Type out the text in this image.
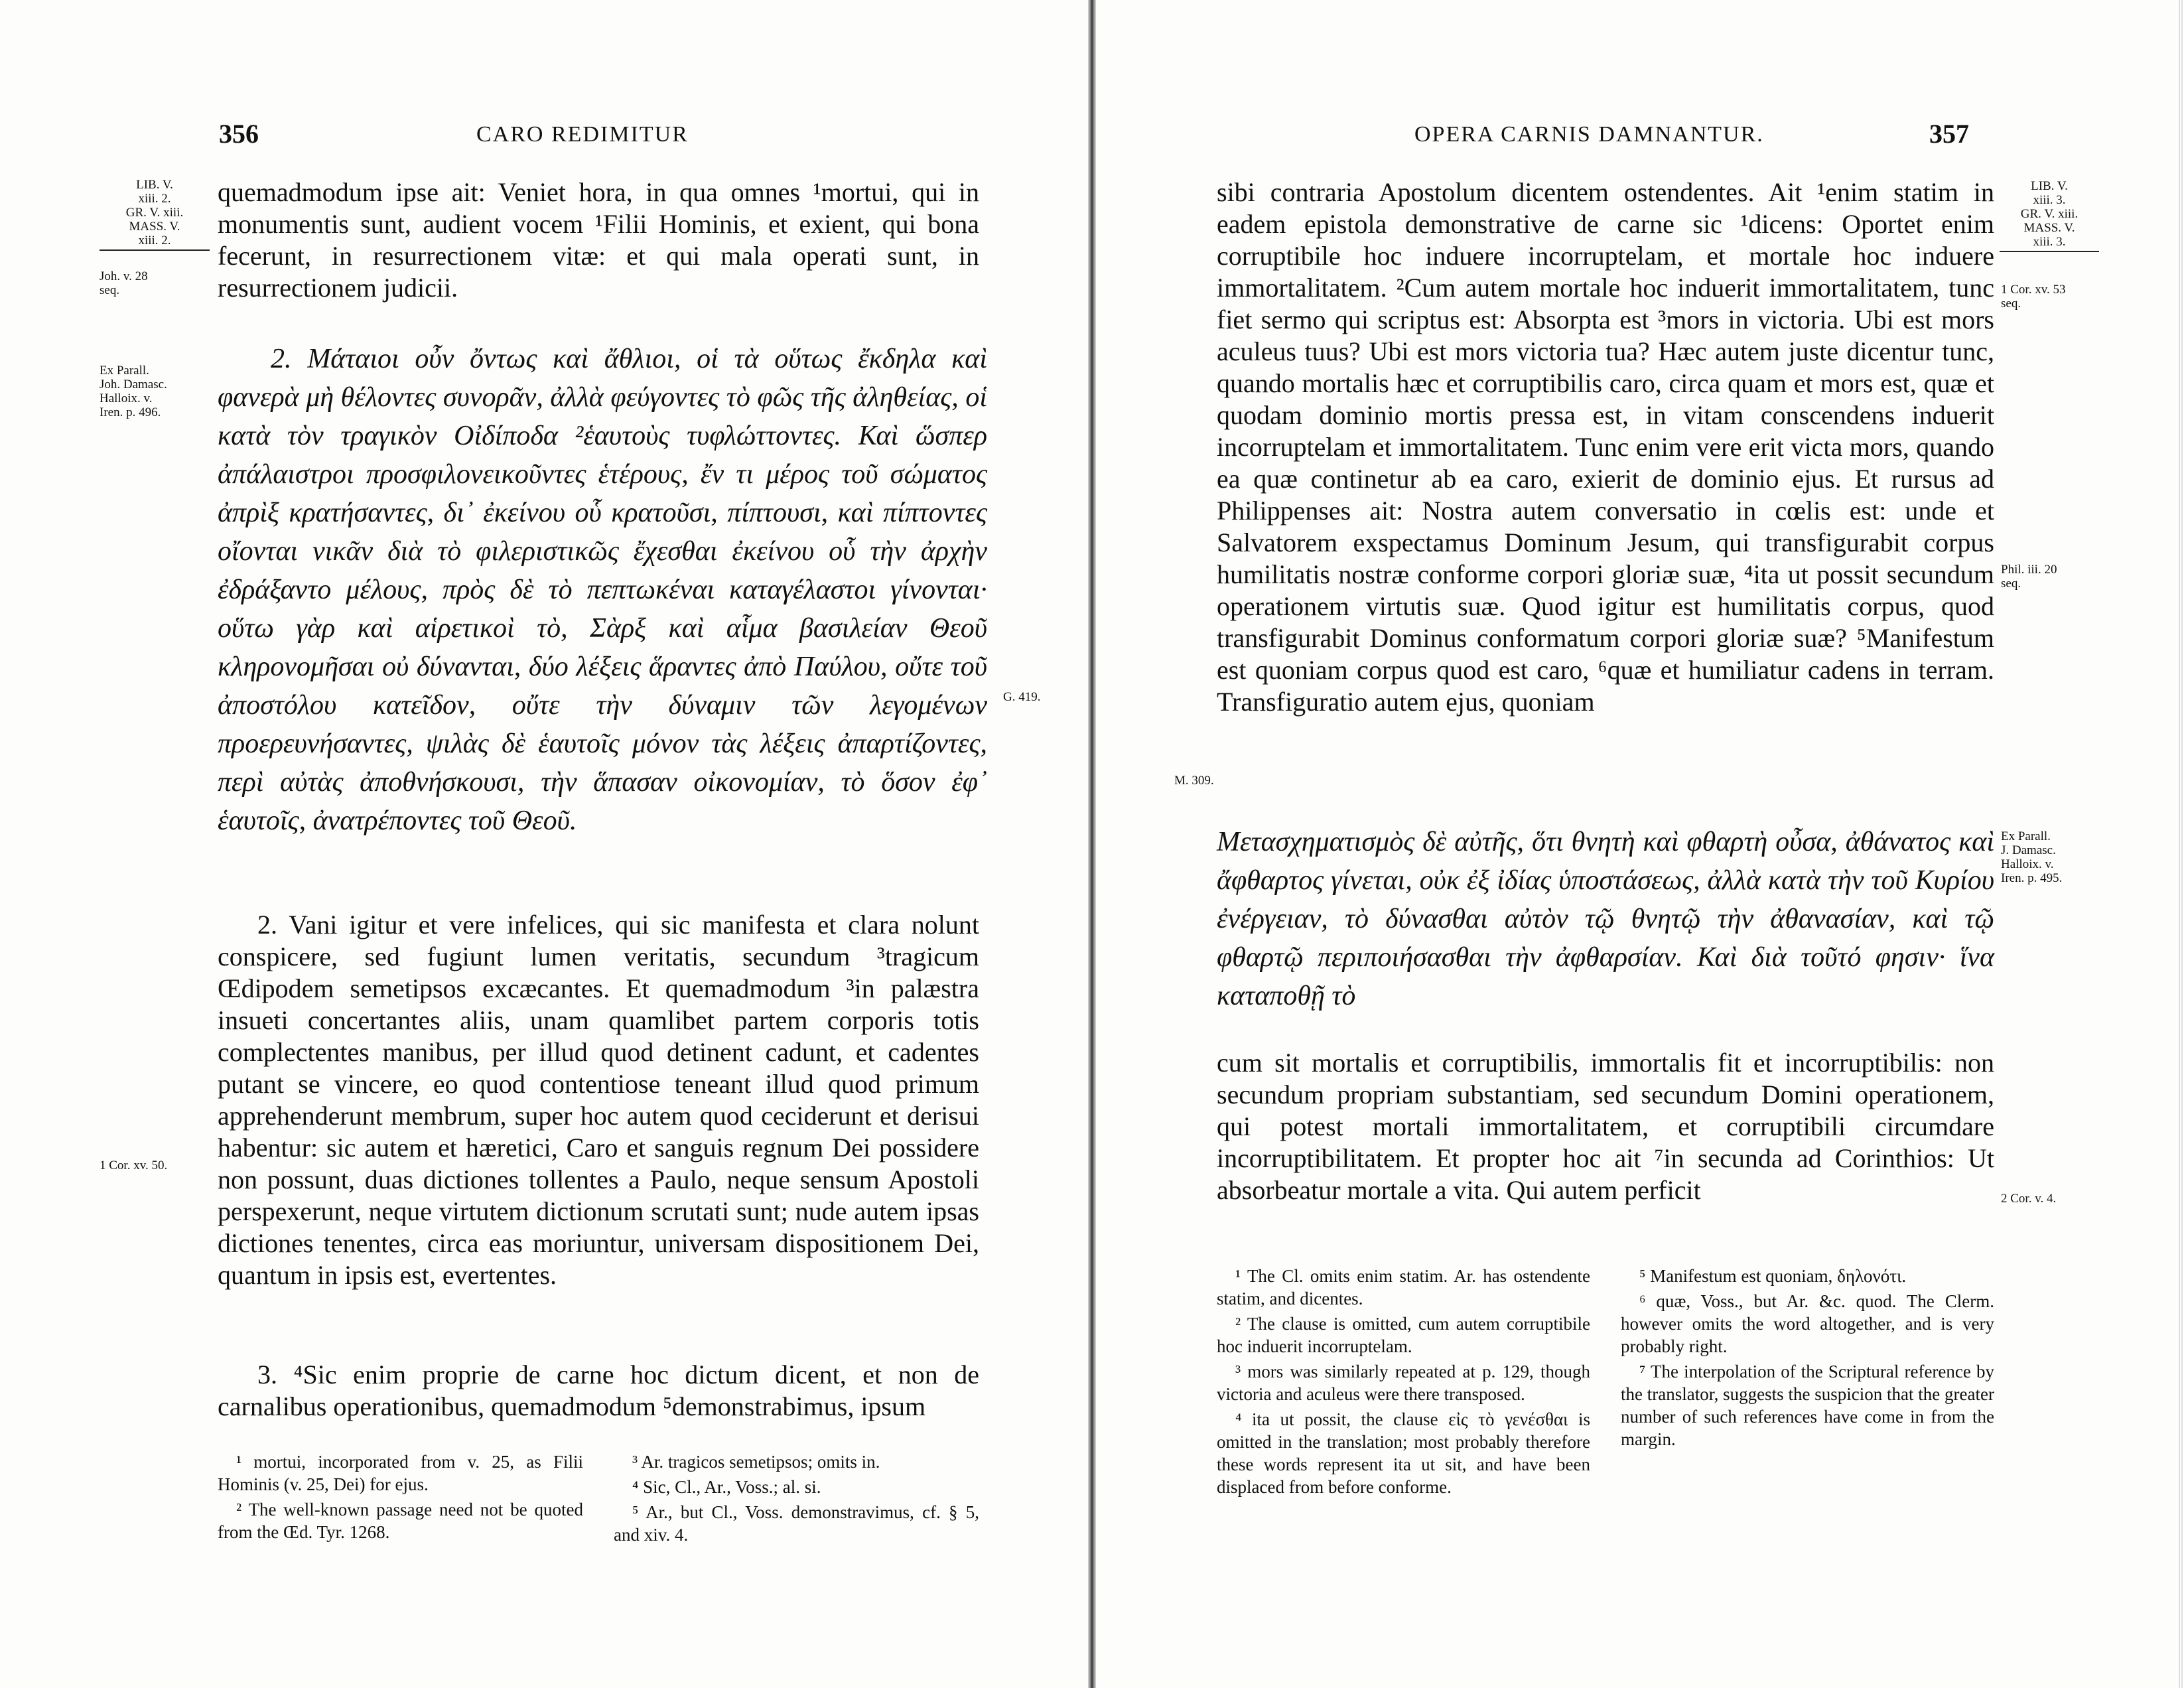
356	CARO REDIMITUR
LIB. V.
xiii. 2.
GR. V. xiii.
MASS. V.
xiii. 2.
Joh. v. 28
seq.
Ex Parall.
Joh. Damasc.
Halloix. v.
Iren. p. 496.
G. 419.
1 Cor. xv. 50.

quemadmodum ipse ait: Veniet hora, in qua omnes ¹mortui, qui in monumentis sunt, audient vocem ¹Filii Hominis, et exient, qui bona fecerunt, in resurrectionem vitæ: et qui mala operati sunt, in resurrectionem judicii.

2. Μάταιοι οὖν ὄντως καὶ ἄθλιοι, οἱ τὰ οὕτως ἔκδηλα καὶ φανερὰ μὴ θέλοντες συνορᾶν, ἀλλὰ φεύγοντες τὸ φῶς τῆς ἀληθείας, οἱ κατὰ τὸν τραγικὸν Οἰδίποδα ²ἑαυτοὺς τυφλώττοντες. Καὶ ὥσπερ ἀπάλαιστροι προσφιλονεικοῦντες ἑτέρους, ἔν τι μέρος τοῦ σώματος ἀπρὶξ κρατήσαντες, δι᾽ ἐκείνου οὗ κρατοῦσι, πίπτουσι, καὶ πίπτοντες οἴονται νικᾶν διὰ τὸ φιλεριστικῶς ἔχεσθαι ἐκείνου οὗ τὴν ἀρχὴν ἐδράξαντο μέλους, πρὸς δὲ τὸ πεπτωκέναι καταγέλαστοι γίνονται· οὕτω γὰρ καὶ αἱρετικοὶ τὸ, Σὰρξ καὶ αἷμα βασιλείαν Θεοῦ κληρονομῆσαι οὐ δύνανται, δύο λέξεις ἅραντες ἀπὸ Παύλου, οὔτε τοῦ ἀποστόλου κατεῖδον, οὔτε τὴν δύναμιν τῶν λεγομένων προερευνήσαντες, ψιλὰς δὲ ἑαυτοῖς μόνον τὰς λέξεις ἀπαρτίζοντες, περὶ αὐτὰς ἀποθνήσκουσι, τὴν ἅπασαν οἰκονομίαν, τὸ ὅσον ἐφ᾽ ἑαυτοῖς, ἀνατρέποντες τοῦ Θεοῦ.

2. Vani igitur et vere infelices, qui sic manifesta et clara nolunt conspicere, sed fugiunt lumen veritatis, secundum ³tragicum Œdipodem semetipsos excæcantes. Et quemadmodum ³in palæstra insueti concertantes aliis, unam quamlibet partem corporis totis complectentes manibus, per illud quod detinent cadunt, et cadentes putant se vincere, eo quod contentiose teneant illud quod primum apprehenderunt membrum, super hoc autem quod ceciderunt et derisui habentur: sic autem et hæretici, Caro et sanguis regnum Dei possidere non possunt, duas dictiones tollentes a Paulo, neque sensum Apostoli perspexerunt, neque virtutem dictionum scrutati sunt; nude autem ipsas dictiones tenentes, circa eas moriuntur, universam dispositionem Dei, quantum in ipsis est, evertentes.

3. ⁴Sic enim proprie de carne hoc dictum dicent, et non de carnalibus operationibus, quemadmodum ⁵demonstrabimus, ipsum

¹ mortui, incorporated from v. 25, as Filii Hominis (v. 25, Dei) for ejus.

² The well-known passage need not be quoted from the Œd. Tyr. 1268.

³ Ar. tragicos semetipsos; omits in.

⁴ Sic, Cl., Ar., Voss.; al. si.

⁵ Ar., but Cl., Voss. demonstravimus, cf. § 5, and xiv. 4.

OPERA CARNIS DAMNANTUR.	357
LIB. V.
xiii. 3.
GR. V. xiii.
MASS. V.
xiii. 3.
1 Cor. xv. 53
seq.
Phil. iii. 20
seq.
M. 309.
Ex Parall.
J. Damasc.
Halloix. v.
Iren. p. 495.
2 Cor. v. 4.

sibi contraria Apostolum dicentem ostendentes. Ait ¹enim statim in eadem epistola demonstrative de carne sic ¹dicens: Oportet enim corruptibile hoc induere incorruptelam, et mortale hoc induere immortalitatem. ²Cum autem mortale hoc induerit immortalitatem, tunc fiet sermo qui scriptus est: Absorpta est ³mors in victoria. Ubi est mors aculeus tuus? Ubi est mors victoria tua? Hæc autem juste dicentur tunc, quando mortalis hæc et corruptibilis caro, circa quam et mors est, quæ et quodam dominio mortis pressa est, in vitam conscendens induerit incorruptelam et immortalitatem. Tunc enim vere erit victa mors, quando ea quæ continetur ab ea caro, exierit de dominio ejus. Et rursus ad Philippenses ait: Nostra autem conversatio in cœlis est: unde et Salvatorem exspectamus Dominum Jesum, qui transfigurabit corpus humilitatis nostræ conforme corpori gloriæ suæ, ⁴ita ut possit secundum operationem virtutis suæ. Quod igitur est humilitatis corpus, quod transfigurabit Dominus conformatum corpori gloriæ suæ? ⁵Manifestum est quoniam corpus quod est caro, ⁶quæ et humiliatur cadens in terram. Transfiguratio autem ejus, quoniam

Μετασχηματισμὸς δὲ αὐτῆς, ὅτι θνητὴ καὶ φθαρτὴ οὖσα, ἀθάνατος καὶ ἄφθαρτος γίνεται, οὐκ ἐξ ἰδίας ὑποστάσεως, ἀλλὰ κατὰ τὴν τοῦ Κυρίου ἐνέργειαν, τὸ δύνασθαι αὐτὸν τῷ θνητῷ τὴν ἀθανασίαν, καὶ τῷ φθαρτῷ περιποιήσασθαι τὴν ἀφθαρσίαν. Καὶ διὰ τοῦτό φησιν· ἵνα καταποθῇ τὸ

cum sit mortalis et corruptibilis, immortalis fit et incorruptibilis: non secundum propriam substantiam, sed secundum Domini operationem, qui potest mortali immortalitatem, et corruptibili circumdare incorruptibilitatem. Et propter hoc ait ⁷in secunda ad Corinthios: Ut absorbeatur mortale a vita. Qui autem perficit

¹ The Cl. omits enim statim. Ar. has ostendente statim, and dicentes.

² The clause is omitted, cum autem corruptibile hoc induerit incorruptelam.

³ mors was similarly repeated at p. 129, though victoria and aculeus were there transposed.

⁴ ita ut possit, the clause εἰς τὸ γενέσθαι is omitted in the translation; most probably therefore these words represent ita ut sit, and have been displaced from before conforme.

⁵ Manifestum est quoniam, δηλονότι.

⁶ quæ, Voss., but Ar. &c. quod. The Clerm. however omits the word altogether, and is very probably right.

⁷ The interpolation of the Scriptural reference by the translator, suggests the suspicion that the greater number of such references have come in from the margin.
